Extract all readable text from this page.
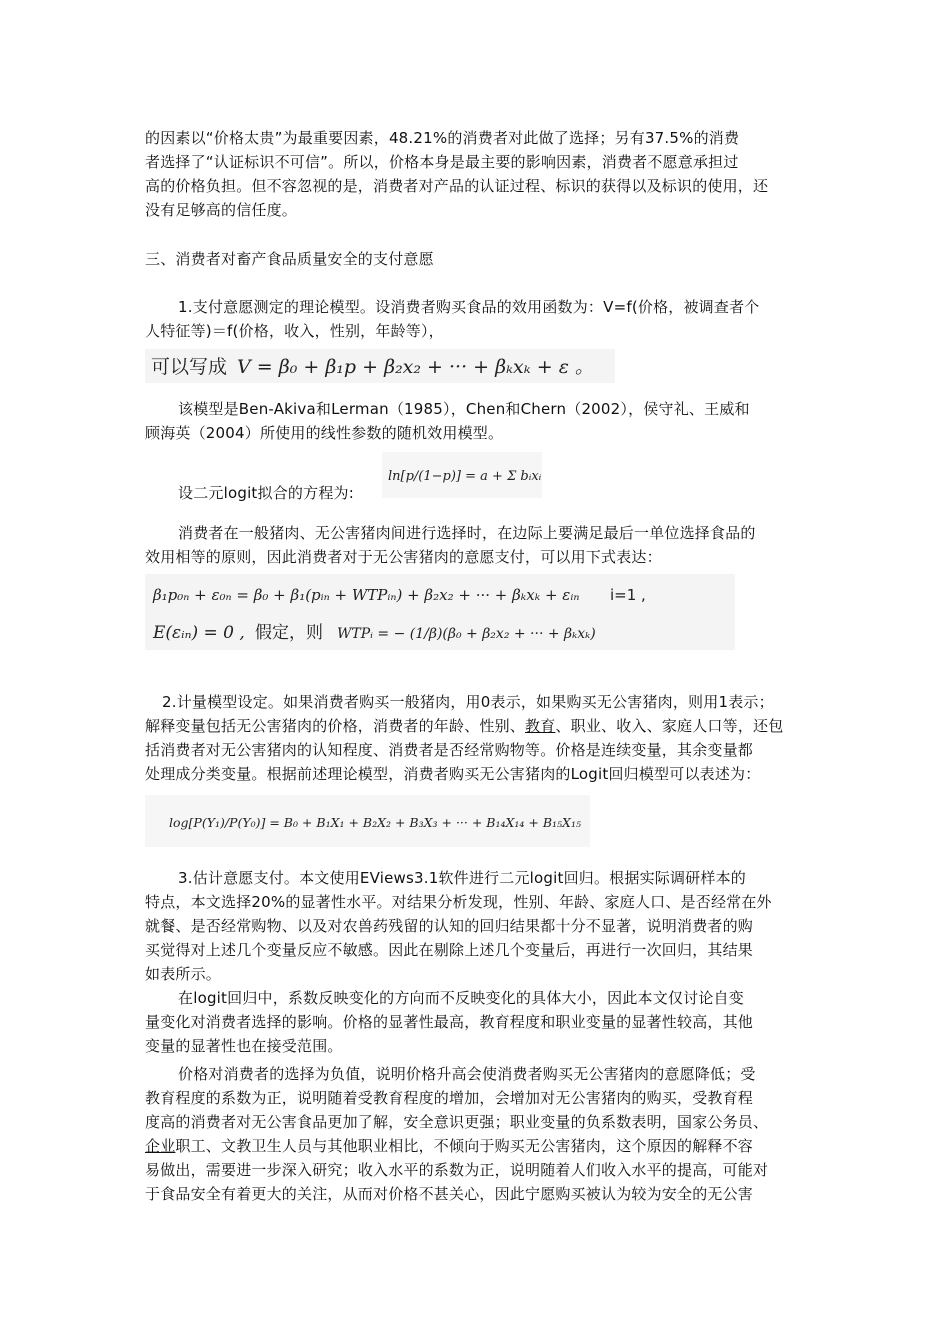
的因素以“价格太贵”为最重要因素，48.21%的消费者对此做了选择；另有37.5%的消费
者选择了“认证标识不可信”。所以，价格本身是最主要的影响因素，消费者不愿意承担过
高的价格负担。但不容忽视的是，消费者对产品的认证过程、标识的获得以及标识的使用，还
没有足够高的信任度。
三、消费者对畜产食品质量安全的支付意愿
1.支付意愿测定的理论模型。设消费者购买食品的效用函数为：V=f(价格，被调查者个
人特征等)＝f(价格，收入，性别，年龄等），
可以写成 V = β₀ + β₁p + β₂x₂ + ··· + βₖxₖ + ε 。
该模型是Ben-Akiva和Lerman（1985），Chen和Chern（2002），侯守礼、王威和
顾海英（2004）所使用的线性参数的随机效用模型。
ln[p/(1−p)] = a + Σ bᵢxᵢ
设二元logit拟合的方程为:
消费者在一般猪肉、无公害猪肉间进行选择时，在边际上要满足最后一单位选择食品的
效用相等的原则，因此消费者对于无公害猪肉的意愿支付，可以用下式表达：
β₁p₀ₙ + ε₀ₙ = β₀ + β₁(pᵢₙ + WTPᵢₙ) + β₂x₂ + ··· + βₖxₖ + εᵢₙ i=1 ,
E(εᵢₙ) = 0 , 假定，则 WTPᵢ = − (1/β)(β₀ + β₂x₂ + ··· + βₖxₖ)
2.计量模型设定。如果消费者购买一般猪肉，用0表示，如果购买无公害猪肉，则用1表示；
解释变量包括无公害猪肉的价格，消费者的年龄、性别、教育、职业、收入、家庭人口等，还包
括消费者对无公害猪肉的认知程度、消费者是否经常购物等。价格是连续变量，其余变量都
处理成分类变量。根据前述理论模型，消费者购买无公害猪肉的Logit回归模型可以表述为：
log[P(Y₁)/P(Y₀)] = B₀ + B₁X₁ + B₂X₂ + B₃X₃ + ··· + B₁₄X₁₄ + B₁₅X₁₅
3.估计意愿支付。本文使用EViews3.1软件进行二元logit回归。根据实际调研样本的
特点，本文选择20%的显著性水平。对结果分析发现，性别、年龄、家庭人口、是否经常在外
就餐、是否经常购物、以及对农兽药残留的认知的回归结果都十分不显著，说明消费者的购
买觉得对上述几个变量反应不敏感。因此在剔除上述几个变量后，再进行一次回归，其结果
如表所示。
在logit回归中，系数反映变化的方向而不反映变化的具体大小，因此本文仅讨论自变
量变化对消费者选择的影响。价格的显著性最高，教育程度和职业变量的显著性较高，其他
变量的显著性也在接受范围。
价格对消费者的选择为负值，说明价格升高会使消费者购买无公害猪肉的意愿降低；受
教育程度的系数为正，说明随着受教育程度的增加，会增加对无公害猪肉的购买，受教育程
度高的消费者对无公害食品更加了解，安全意识更强；职业变量的负系数表明，国家公务员、
企业职工、文教卫生人员与其他职业相比，不倾向于购买无公害猪肉，这个原因的解释不容
易做出，需要进一步深入研究；收入水平的系数为正，说明随着人们收入水平的提高，可能对
于食品安全有着更大的关注，从而对价格不甚关心，因此宁愿购买被认为较为安全的无公害
